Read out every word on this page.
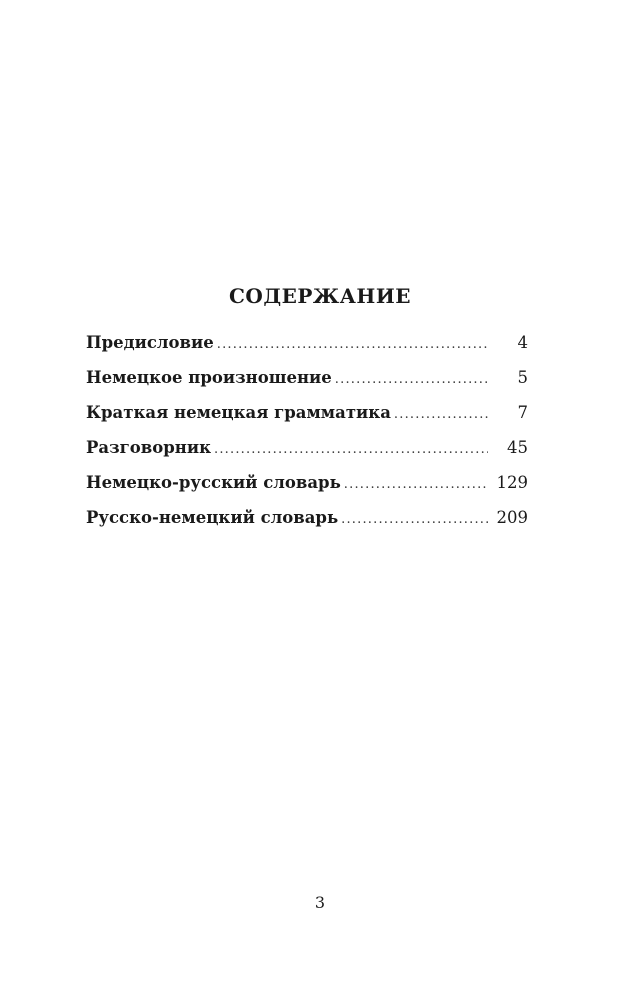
СОДЕРЖАНИЕ
Предисловие .....	4
Немецкое произношение .....	5
Краткая немецкая грамматика .....	7
Разговорник .....	45
Немецко-русский словарь .....	129
Русско-немецкий словарь .....	209
3
